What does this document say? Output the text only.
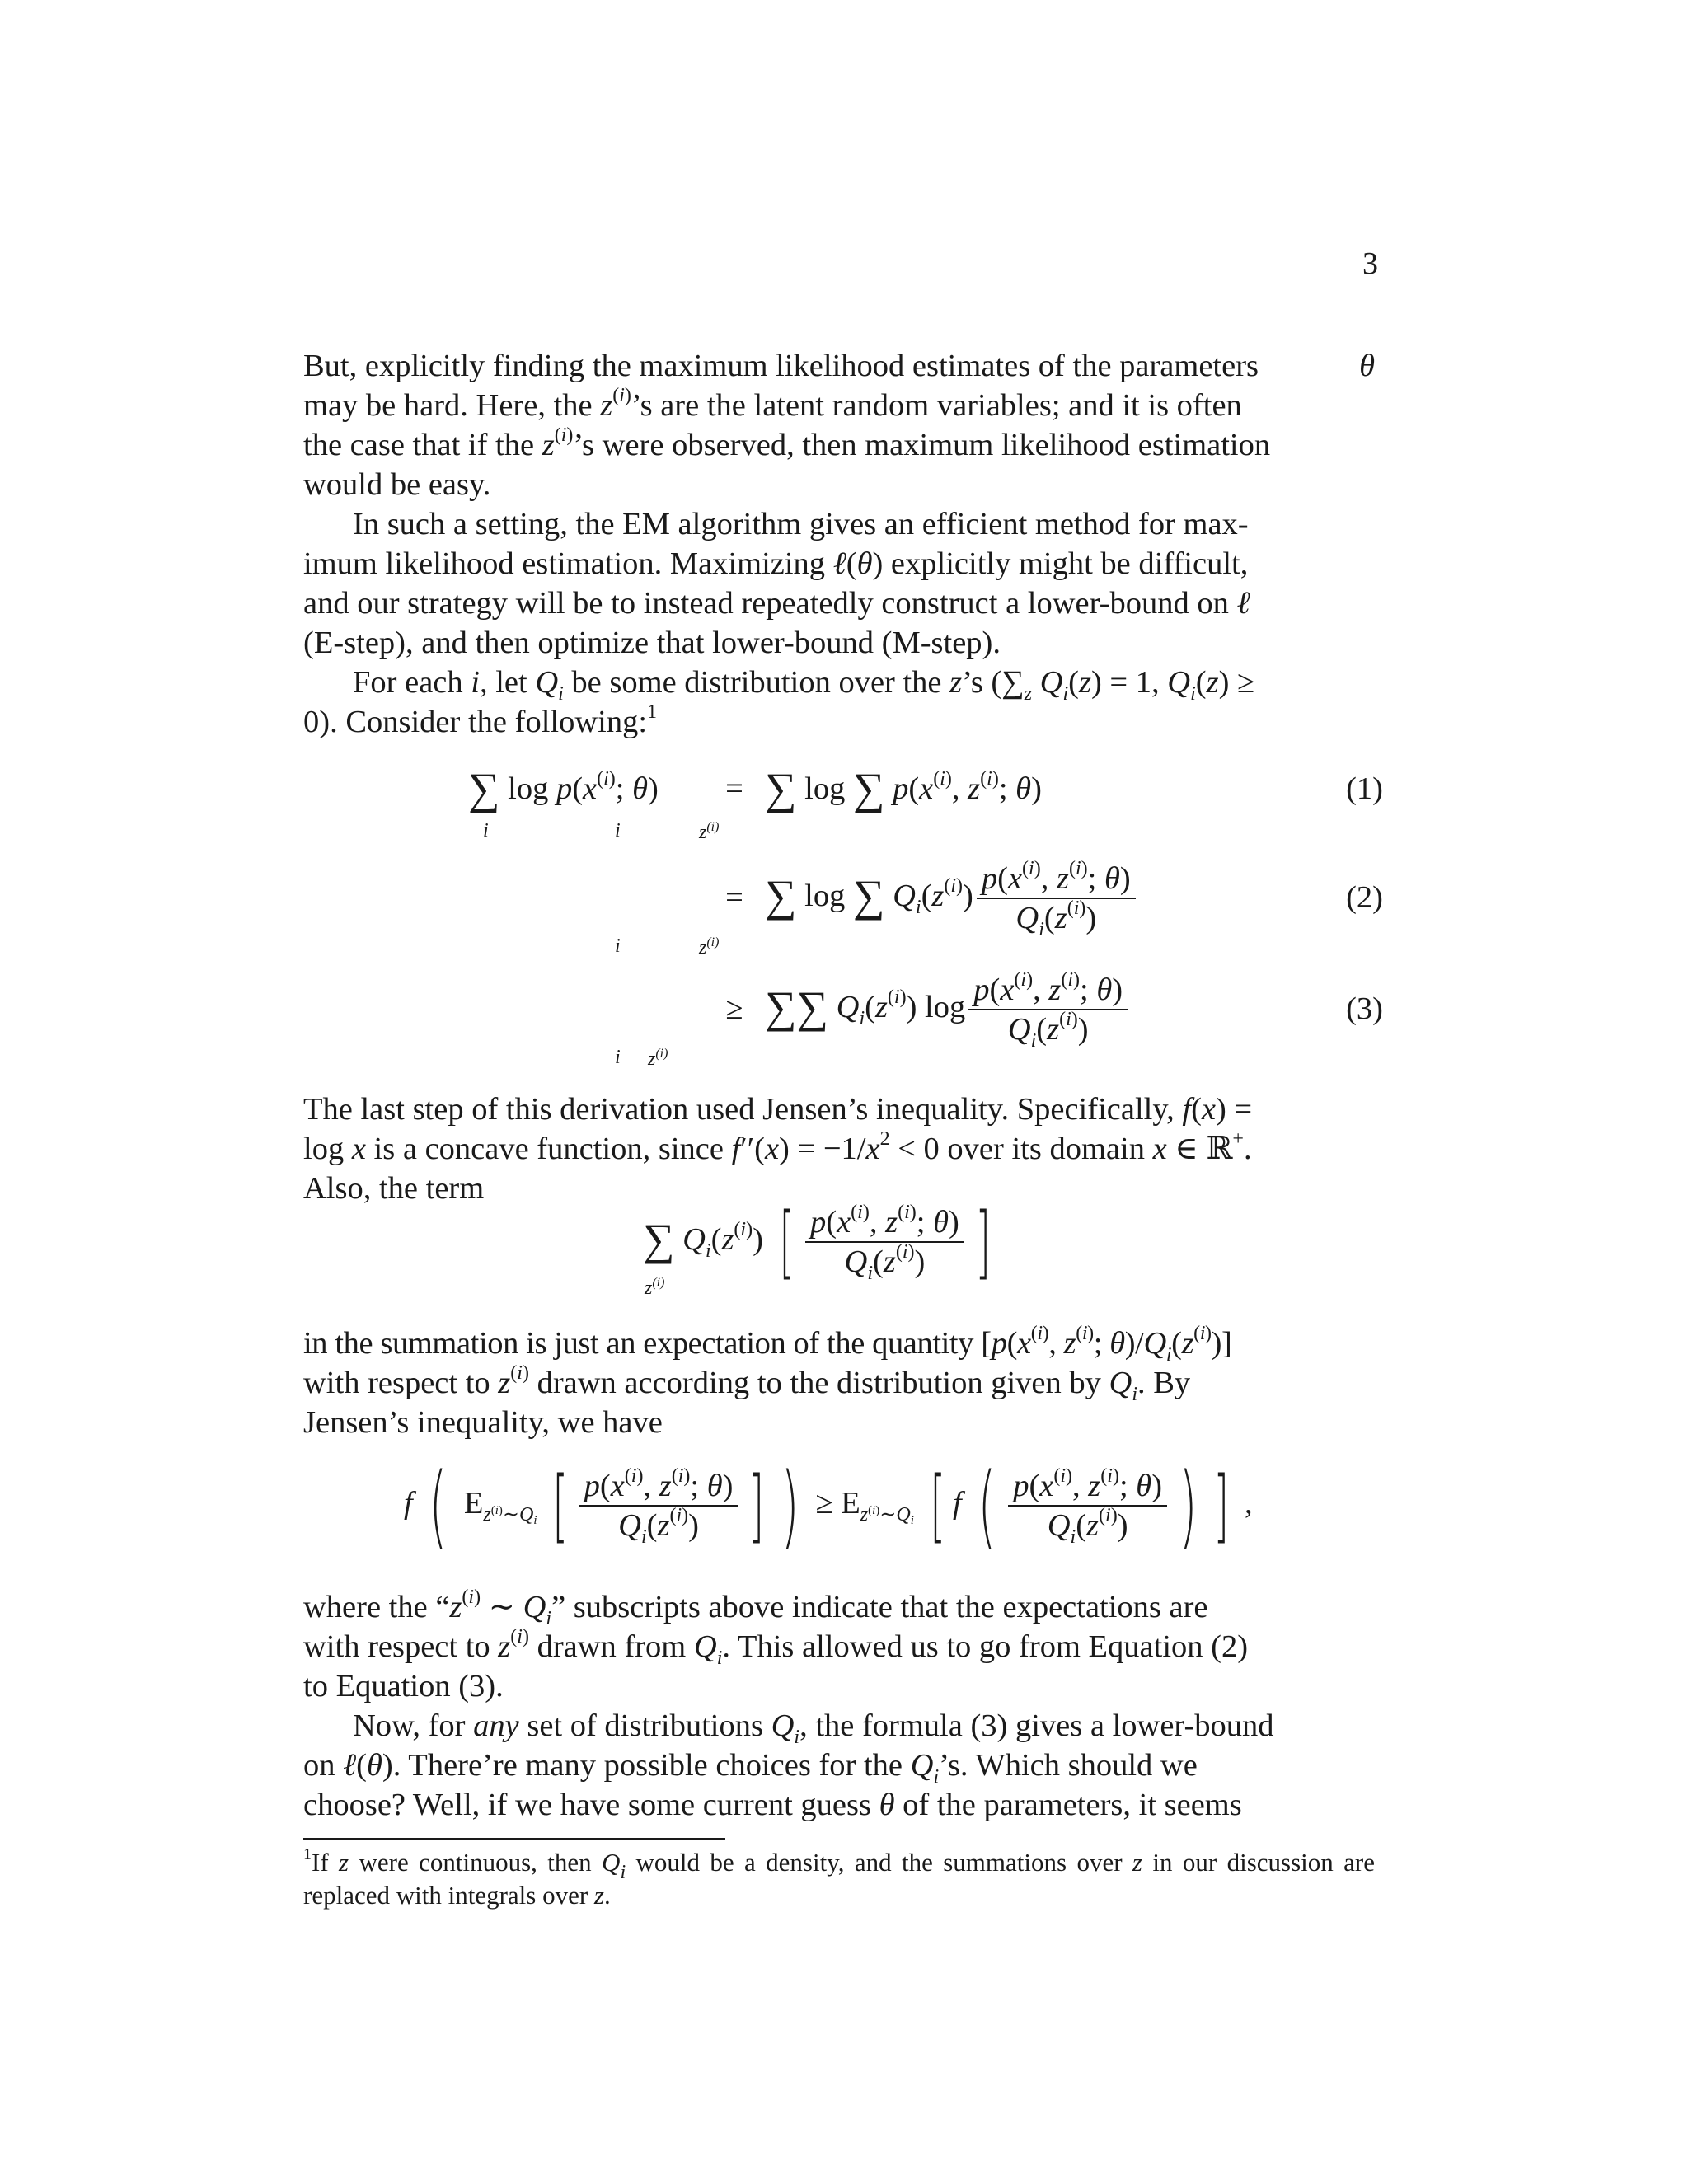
3
But, explicitly finding the maximum likelihood estimates of the parameters	θ
may be hard. Here, the $z^{(i)}’s$ are the latent random variables; and it is often
the case that if the $z^{(i)}’s$ were observed, then maximum likelihood estimation
would be easy.
In such a setting, the EM algorithm gives an efficient method for max-
imum likelihood estimation. Maximizing ℓ(θ) explicitly might be difficult,
and our strategy will be to instead repeatedly construct a lower-bound on ℓ
(E-step), and then optimize that lower-bound (M-step).
For each i, let $Q_i$ be some distribution over the z’s ($\sum_z$ $Q_i(z) = 1$, $Q_i(z)$ ≥
0). Consider the following:$^1$
∑ $\log p(x^{(i)}$; θ)
i
= ∑ log ∑ $p(x^{(i)}$, $z^{(i)}$; θ)
i	$z^{(i)}$
(1)
= ∑ log ∑ $Q_i(z^{(i)}) \frac{p(x^{(i)}, z^{(i)}; \theta)}{Q_i(z^{(i)})}$
i	$z^{(i)}$
(2)
≥ ∑∑ $Q_i(z^{(i)})$ $\log \frac{p(x^{(i)}, z^{(i)}; \theta)}{Q_i(z^{(i)})}$
i $z^{(i)}$
(3)
The last step of this derivation used Jensen’s inequality. Specifically, f(x) =
log x is a concave function, since $f''(x) = -1/x^2 < 0$ over its domain x ∈ ℝ+.
Also, the term
∑ $Q_i(z^{(i)})$ [ $\frac{p(x^{(i)}, z^{(i)}; \theta)}{Q_i(z^{(i)})}$ ]
$z^{(i)}$
in the summation is just an expectation of the quantity [$p(x^{(i)}$, $z^{(i)}$; $\theta)/Q_i(z^{(i)})$]
with respect to $z^{(i)}$ drawn according to the distribution given by $Q_i$. By
Jensen’s inequality, we have
f ( $E_{z^{(i)}\sim Q_i}$ [ $\frac{p(x^{(i)}, z^{(i)}; \theta)}{Q_i(z^{(i)})}$ ] ) ≥ $E_{z^{(i)}\sim Q_i}$ [ f ( $\frac{p(x^{(i)}, z^{(i)}; \theta)}{Q_i(z^{(i)})}$ ) ] ,
where the “$z^{(i)}$ ∼ $Q_i$” subscripts above indicate that the expectations are
with respect to $z^{(i)}$ drawn from $Q_i$. This allowed us to go from Equation (2)
to Equation (3).
Now, for any set of distributions $Q_i$, the formula (3) gives a lower-bound
on ℓ(θ). There’re many possible choices for the $Q_i’s$. Which should we
choose? Well, if we have some current guess θ of the parameters, it seems
$^1$If z were continuous, then $Q_i$ would be a density, and the summations over z in our discussion are replaced with integrals over z.
